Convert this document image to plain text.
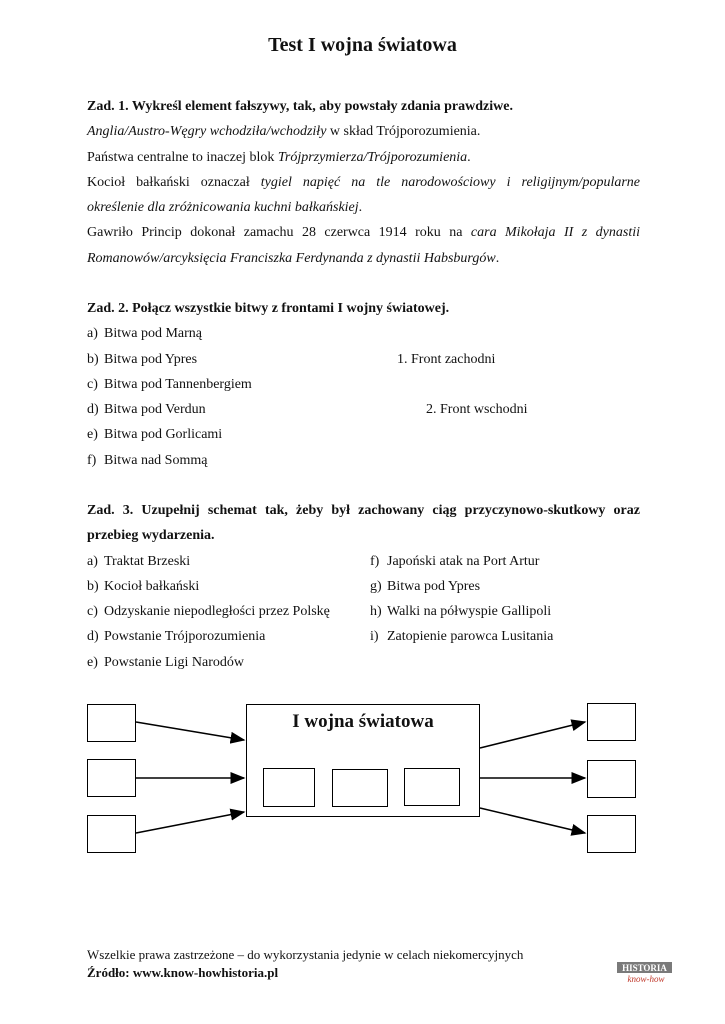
Test I wojna światowa

Zad. 1. Wykreśl element fałszywy, tak, aby powstały zdania prawdziwe.

Anglia/Austro-Węgry wchodziła/wchodziły w skład Trójporozumienia.

Państwa centralne to inaczej blok Trójprzymierza/Trójporozumienia.

Kocioł bałkański oznaczał tygiel napięć na tle narodowościowy i religijnym/popularne

określenie dla zróżnicowania kuchni bałkańskiej.

Gawriło Princip dokonał zamachu 28 czerwca 1914 roku na cara Mikołaja II z dynastii

Romanowów/arcyksięcia Franciszka Ferdynanda z dynastii Habsburgów.

Zad. 2. Połącz wszystkie bitwy z frontami I wojny światowej.

a) Bitwa pod Marną
b) Bitwa pod Ypres	1. Front zachodni
c) Bitwa pod Tannenbergiem
d) Bitwa pod Verdun	2. Front wschodni
e) Bitwa pod Gorlicami
f) Bitwa nad Sommą

Zad. 3. Uzupełnij schemat tak, żeby był zachowany ciąg przyczynowo-skutkowy oraz

przebieg wydarzenia.

a) Traktat Brzeski	f) Japoński atak na Port Artur
b) Kocioł bałkański	g) Bitwa pod Ypres
c) Odzyskanie niepodległości przez Polskę	h) Walki na półwyspie Gallipoli
d) Powstanie Trójporozumienia	i) Zatopienie parowca Lusitania
e) Powstanie Ligi Narodów
I wojna światowa
Wszelkie prawa zastrzeżone – do wykorzystania jedynie w celach niekomercyjnych
Źródło: www.know-howhistoria.pl	HISTORIA
know-how
